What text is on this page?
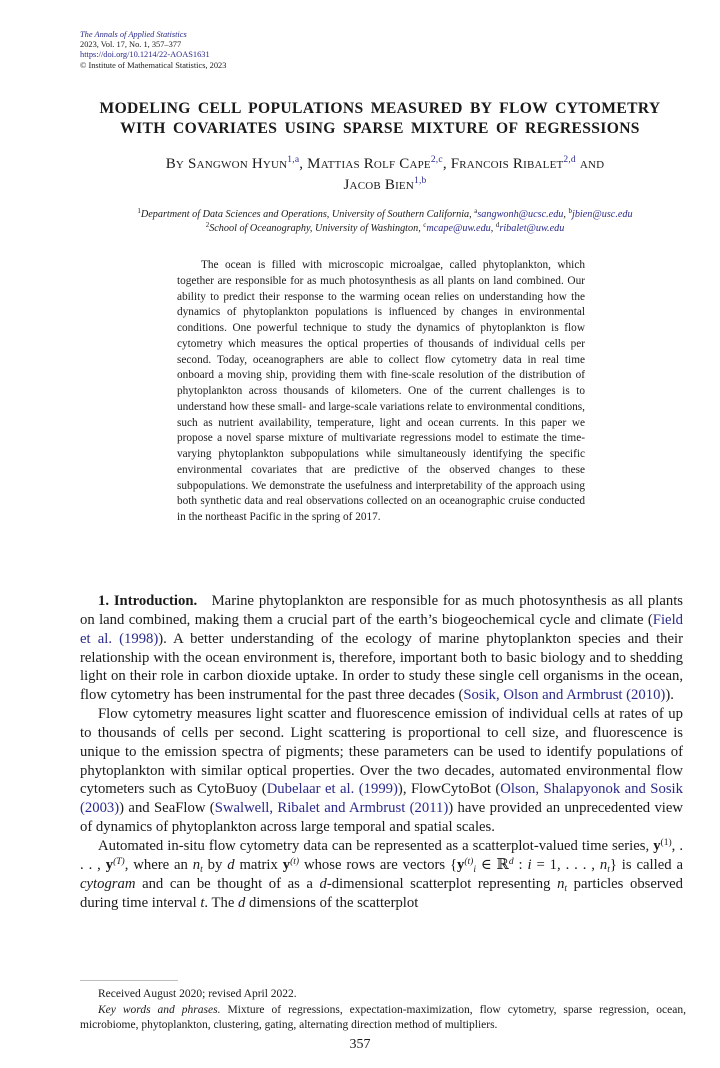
The Annals of Applied Statistics
2023, Vol. 17, No. 1, 357–377
https://doi.org/10.1214/22-AOAS1631
© Institute of Mathematical Statistics, 2023
MODELING CELL POPULATIONS MEASURED BY FLOW CYTOMETRY
WITH COVARIATES USING SPARSE MIXTURE OF REGRESSIONS
By Sangwon Hyun$^{1,a}$, Mattias Rolf Cape$^{2,c}$, Francois Ribalet$^{2,d}$ and
Jacob Bien$^{1,b}$
$^1$Department of Data Sciences and Operations, University of Southern California, $^a$sangwonh@ucsc.edu, $^b$jbien@usc.edu
$^2$School of Oceanography, University of Washington, $^c$mcape@uw.edu, $^d$ribalet@uw.edu
The ocean is filled with microscopic microalgae, called phytoplankton, which together are responsible for as much photosynthesis as all plants on land combined. Our ability to predict their response to the warming ocean relies on understanding how the dynamics of phytoplankton populations is influenced by changes in environmental conditions. One powerful technique to study the dynamics of phytoplankton is flow cytometry which measures the optical properties of thousands of individual cells per second. Today, oceanographers are able to collect flow cytometry data in real time onboard a moving ship, providing them with fine-scale resolution of the distribution of phytoplankton across thousands of kilometers. One of the current challenges is to understand how these small- and large-scale variations relate to environmental conditions, such as nutrient availability, temperature, light and ocean currents. In this paper we propose a novel sparse mixture of multivariate regressions model to estimate the time-varying phytoplankton subpopulations while simultaneously identifying the specific environmental covariates that are predictive of the observed changes to these subpopulations. We demonstrate the usefulness and interpretability of the approach using both synthetic data and real observations collected on an oceanographic cruise conducted in the northeast Pacific in the spring of 2017.

1. Introduction. Marine phytoplankton are responsible for as much photosynthesis as all plants on land combined, making them a crucial part of the earth’s biogeochemical cycle and climate (Field et al. (1998)). A better understanding of the ecology of marine phytoplankton species and their relationship with the ocean environment is, therefore, important both to basic biology and to shedding light on their role in carbon dioxide uptake. In order to study these single cell organisms in the ocean, flow cytometry has been instrumental for the past three decades (Sosik, Olson and Armbrust (2010)).

Flow cytometry measures light scatter and fluorescence emission of individual cells at rates of up to thousands of cells per second. Light scattering is proportional to cell size, and fluorescence is unique to the emission spectra of pigments; these parameters can be used to identify populations of phytoplankton with similar optical properties. Over the two decades, automated environmental flow cytometers such as CytoBuoy (Dubelaar et al. (1999)), FlowCytoBot (Olson, Shalapyonok and Sosik (2003)) and SeaFlow (Swalwell, Ribalet and Armbrust (2011)) have provided an unprecedented view of dynamics of phytoplankton across large temporal and spatial scales.

Automated in-situ flow cytometry data can be represented as a scatterplot-valued time series, $y^{(1)}$, . . . , $y^{(T)}$, where an $n_t$ by d matrix $y^{(t)}$ whose rows are vectors {$y^{(t)}_i$ ∈ ℝ$^d$ : i = 1, . . . , $n_t$} is called a cytogram and can be thought of as a d-dimensional scatterplot representing $n_t$ particles observed during time interval t. The d dimensions of the scatterplot

Received August 2020; revised April 2022.

Key words and phrases. Mixture of regressions, expectation-maximization, flow cytometry, sparse regression, ocean, microbiome, phytoplankton, clustering, gating, alternating direction method of multipliers.

357
